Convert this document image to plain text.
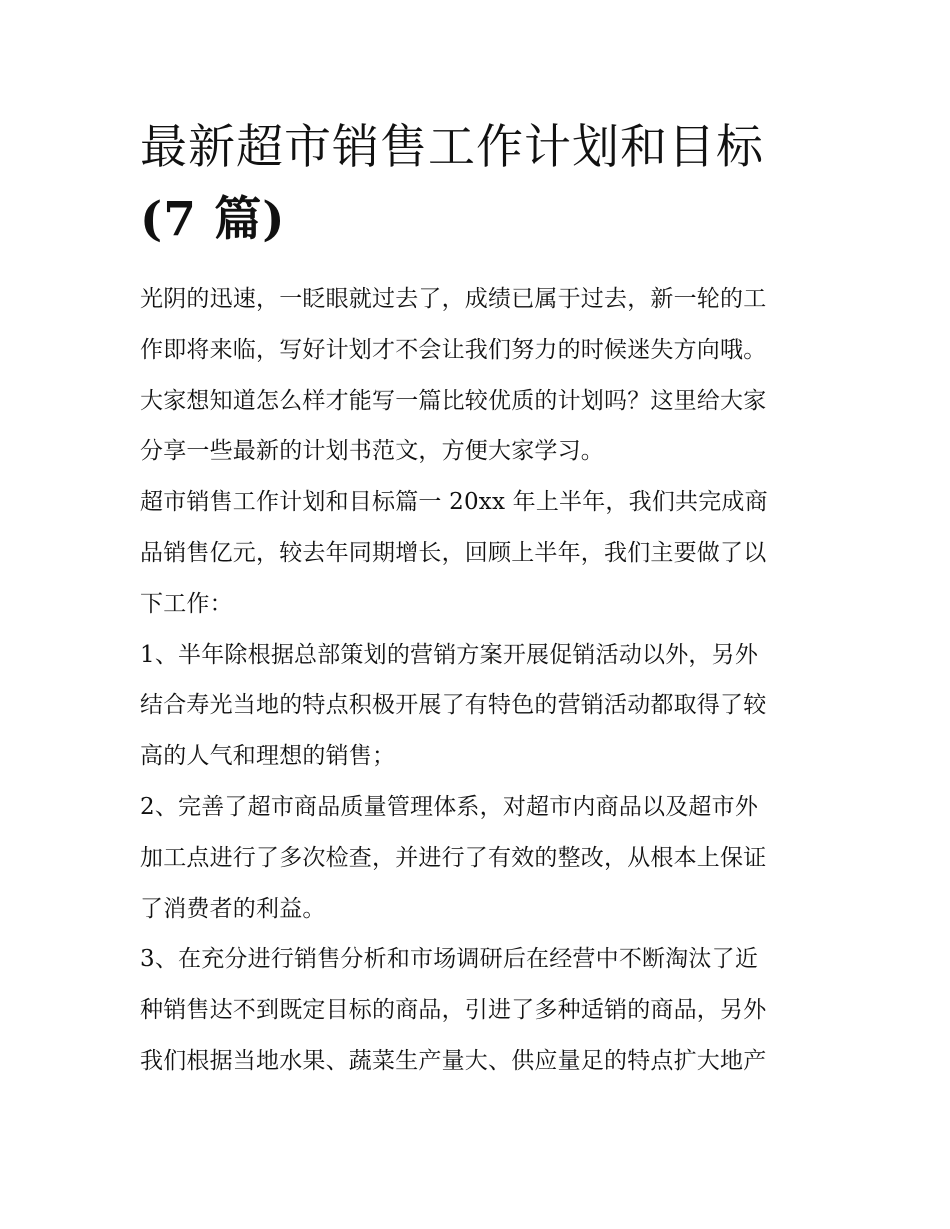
最新超市销售工作计划和目标
(7 篇)
光阴的迅速，一眨眼就过去了，成绩已属于过去，新一轮的工
作即将来临，写好计划才不会让我们努力的时候迷失方向哦。
大家想知道怎么样才能写一篇比较优质的计划吗？这里给大家
分享一些最新的计划书范文，方便大家学习。
超市销售工作计划和目标篇一 20xx 年上半年，我们共完成商
品销售亿元，较去年同期增长，回顾上半年，我们主要做了以
下工作：
1、半年除根据总部策划的营销方案开展促销活动以外，另外
结合寿光当地的特点积极开展了有特色的营销活动都取得了较
高的人气和理想的销售；
2、完善了超市商品质量管理体系，对超市内商品以及超市外
加工点进行了多次检查，并进行了有效的整改，从根本上保证
了消费者的利益。
3、在充分进行销售分析和市场调研后在经营中不断淘汰了近
种销售达不到既定目标的商品，引进了多种适销的商品，另外
我们根据当地水果、蔬菜生产量大、供应量足的特点扩大地产
